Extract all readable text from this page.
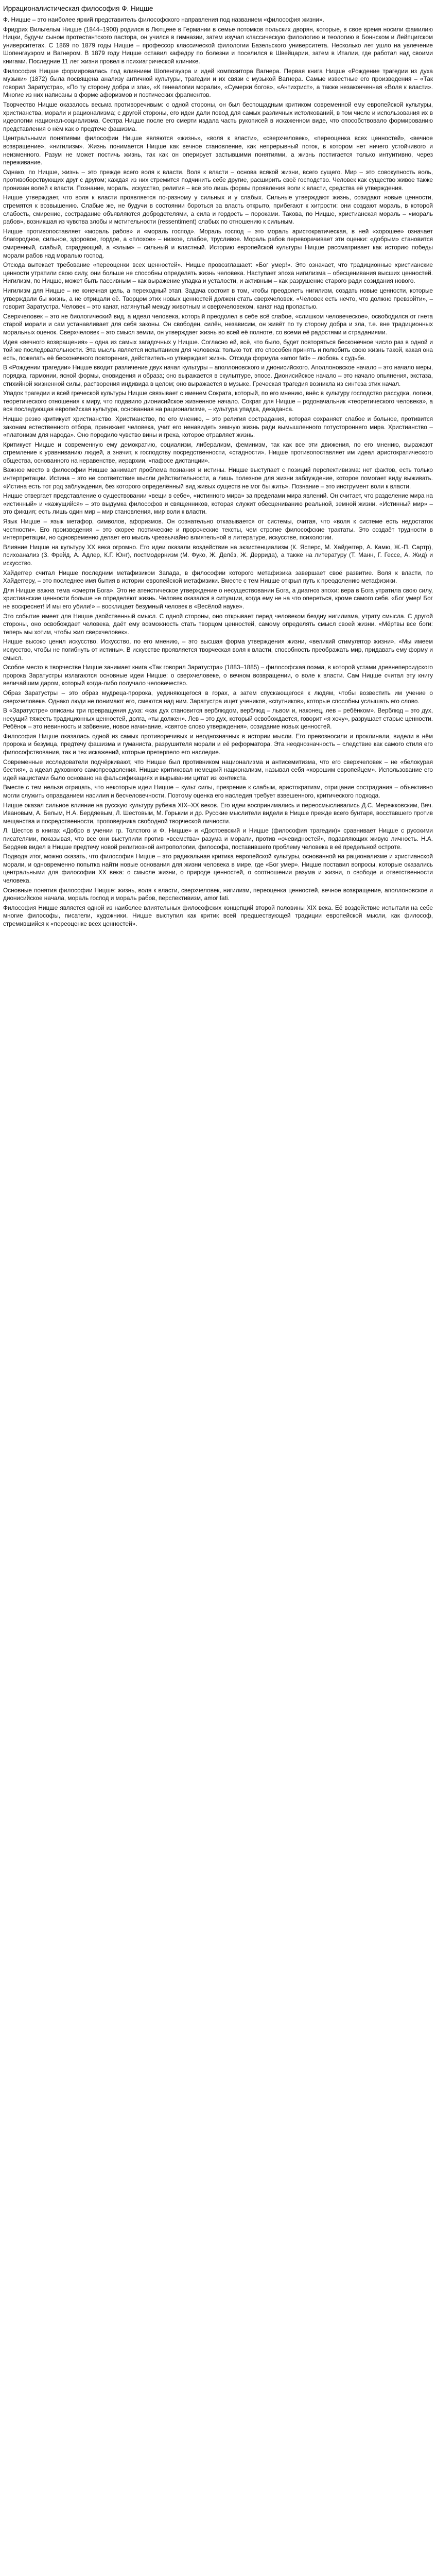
Иррационалистическая философия Ф. Ницше

Ф. Ницше – это наиболее яркий представитель философского направления под названием «философия жизни».

Фридрих Вильгельм Ницше (1844–1900) родился в Лютцене в Германии в семье потомков польских дворян, которые, в свое время носили фамилию Ницки, будучи сыном протестантского пастора, он учился в гимназии, затем изучал классическую филологию и теологию в Боннском и Лейпцигском университетах. С 1869 по 1879 годы Ницше – профессор классической филологии Базельского университета. Несколько лет ушло на увлечение Шопенгауэром и Вагнером. В 1879 году Ницше оставил кафедру по болезни и поселился в Швейцарии, затем в Италии, где работал над своими книгами. Последние 11 лет жизни провел в психиатрической клинике.

Философия Ницше формировалась под влиянием Шопенгауэра и идей композитора Вагнера. Первая книга Ницше «Рождение трагедии из духа музыки» (1872) была посвящена анализу античной культуры, трагедии и их связи с музыкой Вагнера. Самые известные его произведения – «Так говорил Заратустра», «По ту сторону добра и зла», «К генеалогии морали», «Сумерки богов», «Антихрист», а также незаконченная «Воля к власти». Многие из них написаны в форме афоризмов и поэтических фрагментов.

Творчество Ницше оказалось весьма противоречивым: с одной стороны, он был беспощадным критиком современной ему европейской культуры, христианства, морали и рационализма; с другой стороны, его идеи дали повод для самых различных истолкований, в том числе и использования их в идеологии национал-социализма. Сестра Ницше после его смерти издала часть рукописей в искаженном виде, что способствовало формированию представления о нём как о предтече фашизма.

Центральными понятиями философии Ницше являются «жизнь», «воля к власти», «сверхчеловек», «переоценка всех ценностей», «вечное возвращение», «нигилизм». Жизнь понимается Ницше как вечное становление, как непрерывный поток, в котором нет ничего устойчивого и неизменного. Разум не может постичь жизнь, так как он оперирует застывшими понятиями, а жизнь постигается только интуитивно, через переживание.

Однако, по Ницше, жизнь – это прежде всего воля к власти. Воля к власти – основа всякой жизни, всего сущего. Мир – это совокупность воль, противоборствующих друг с другом; каждая из них стремится подчинить себе другие, расширить своё господство. Человек как существо живое также пронизан волей к власти. Познание, мораль, искусство, религия – всё это лишь формы проявления воли к власти, средства её утверждения.

Ницше утверждает, что воля к власти проявляется по-разному у сильных и у слабых. Сильные утверждают жизнь, созидают новые ценности, стремятся к возвышению. Слабые же, не будучи в состоянии бороться за власть открыто, прибегают к хитрости: они создают мораль, в которой слабость, смирение, сострадание объявляются добродетелями, а сила и гордость – пороками. Такова, по Ницше, христианская мораль – «мораль рабов», возникшая из чувства злобы и мстительности (ressentiment) слабых по отношению к сильным.

Ницше противопоставляет «мораль рабов» и «мораль господ». Мораль господ – это мораль аристократическая, в ней «хорошее» означает благородное, сильное, здоровое, гордое, а «плохое» – низкое, слабое, трусливое. Мораль рабов переворачивает эти оценки: «добрым» становится смиренный, слабый, страдающий, а «злым» – сильный и властный. Историю европейской культуры Ницше рассматривает как историю победы морали рабов над моралью господ.

Отсюда вытекает требование «переоценки всех ценностей». Ницше провозглашает: «Бог умер!». Это означает, что традиционные христианские ценности утратили свою силу, они больше не способны определять жизнь человека. Наступает эпоха нигилизма – обесценивания высших ценностей. Нигилизм, по Ницше, может быть пассивным – как выражение упадка и усталости, и активным – как разрушение старого ради созидания нового.

Нигилизм для Ницше – не конечная цель, а переходный этап. Задача состоит в том, чтобы преодолеть нигилизм, создать новые ценности, которые утверждали бы жизнь, а не отрицали её. Творцом этих новых ценностей должен стать сверхчеловек. «Человек есть нечто, что должно превзойти», – говорит Заратустра. Человек – это канат, натянутый между животным и сверхчеловеком, канат над пропастью.

Сверхчеловек – это не биологический вид, а идеал человека, который преодолел в себе всё слабое, «слишком человеческое», освободился от гнета старой морали и сам устанавливает для себя законы. Он свободен, силён, независим, он живёт по ту сторону добра и зла, т.е. вне традиционных моральных оценок. Сверхчеловек – это смысл земли, он утверждает жизнь во всей её полноте, со всеми её радостями и страданиями.

Идея «вечного возвращения» – одна из самых загадочных у Ницше. Согласно ей, всё, что было, будет повторяться бесконечное число раз в одной и той же последовательности. Эта мысль является испытанием для человека: только тот, кто способен принять и полюбить свою жизнь такой, какая она есть, пожелать её бесконечного повторения, действительно утверждает жизнь. Отсюда формула «amor fati» – любовь к судьбе.

В «Рождении трагедии» Ницше вводит различение двух начал культуры – аполлоновского и дионисийского. Аполлоновское начало – это начало меры, порядка, гармонии, ясной формы, сновидения и образа; оно выражается в скульптуре, эпосе. Дионисийское начало – это начало опьянения, экстаза, стихийной жизненной силы, растворения индивида в целом; оно выражается в музыке. Греческая трагедия возникла из синтеза этих начал.

Упадок трагедии и всей греческой культуры Ницше связывает с именем Сократа, который, по его мнению, внёс в культуру господство рассудка, логики, теоретического отношения к миру, что подавило дионисийское жизненное начало. Сократ для Ницше – родоначальник «теоретического человека», а вся последующая европейская культура, основанная на рационализме, – культура упадка, декаданса.

Ницше резко критикует христианство. Христианство, по его мнению, – это религия сострадания, которая сохраняет слабое и больное, противится законам естественного отбора, принижает человека, учит его ненавидеть земную жизнь ради вымышленного потустороннего мира. Христианство – «платонизм для народа». Оно породило чувство вины и греха, которое отравляет жизнь.

Критикует Ницше и современную ему демократию, социализм, либерализм, феминизм, так как все эти движения, по его мнению, выражают стремление к уравниванию людей, а значит, к господству посредственности, «стадности». Ницше противопоставляет им идеал аристократического общества, основанного на неравенстве, иерархии, «пафосе дистанции».

Важное место в философии Ницше занимает проблема познания и истины. Ницше выступает с позиций перспективизма: нет фактов, есть только интерпретации. Истина – это не соответствие мысли действительности, а лишь полезное для жизни заблуждение, которое помогает виду выживать. «Истина есть тот род заблуждения, без которого определённый вид живых существ не мог бы жить». Познание – это инструмент воли к власти.

Ницше отвергает представление о существовании «вещи в себе», «истинного мира» за пределами мира явлений. Он считает, что разделение мира на «истинный» и «кажущийся» – это выдумка философов и священников, которая служит обесцениванию реальной, земной жизни. «Истинный мир» – это фикция; есть лишь один мир – мир становления, мир воли к власти.

Язык Ницше – язык метафор, символов, афоризмов. Он сознательно отказывается от системы, считая, что «воля к системе есть недостаток честности». Его произведения – это скорее поэтические и пророческие тексты, чем строгие философские трактаты. Это создаёт трудности в интерпретации, но одновременно делает его мысль чрезвычайно влиятельной в литературе, искусстве, психологии.

Влияние Ницше на культуру XX века огромно. Его идеи оказали воздействие на экзистенциализм (К. Ясперс, М. Хайдеггер, А. Камю, Ж.-П. Сартр), психоанализ (З. Фрейд, А. Адлер, К.Г. Юнг), постмодернизм (М. Фуко, Ж. Делёз, Ж. Деррида), а также на литературу (Т. Манн, Г. Гессе, А. Жид) и искусство.

Хайдеггер считал Ницше последним метафизиком Запада, в философии которого метафизика завершает своё развитие. Воля к власти, по Хайдеггеру, – это последнее имя бытия в истории европейской метафизики. Вместе с тем Ницше открыл путь к преодолению метафизики.

Для Ницше важна тема «смерти Бога». Это не атеистическое утверждение о несуществовании Бога, а диагноз эпохи: вера в Бога утратила свою силу, христианские ценности больше не определяют жизнь. Человек оказался в ситуации, когда ему не на что опереться, кроме самого себя. «Бог умер! Бог не воскреснет! И мы его убили!» – восклицает безумный человек в «Весёлой науке».

Это событие имеет для Ницше двойственный смысл. С одной стороны, оно открывает перед человеком бездну нигилизма, утрату смысла. С другой стороны, оно освобождает человека, даёт ему возможность стать творцом ценностей, самому определять смысл своей жизни. «Мёртвы все боги: теперь мы хотим, чтобы жил сверхчеловек».

Ницше высоко ценил искусство. Искусство, по его мнению, – это высшая форма утверждения жизни, «великий стимулятор жизни». «Мы имеем искусство, чтобы не погибнуть от истины». В искусстве проявляется творческая воля к власти, способность преображать мир, придавать ему форму и смысл.

Особое место в творчестве Ницше занимает книга «Так говорил Заратустра» (1883–1885) – философская поэма, в которой устами древнеперсидского пророка Заратустры излагаются основные идеи Ницше: о сверхчеловеке, о вечном возвращении, о воле к власти. Сам Ницше считал эту книгу величайшим даром, который когда-либо получало человечество.

Образ Заратустры – это образ мудреца-пророка, уединяющегося в горах, а затем спускающегося к людям, чтобы возвестить им учение о сверхчеловеке. Однако люди не понимают его, смеются над ним. Заратустра ищет учеников, «спутников», которые способны услышать его слово.

В «Заратустре» описаны три превращения духа: «как дух становится верблюдом, верблюд – львом и, наконец, лев – ребёнком». Верблюд – это дух, несущий тяжесть традиционных ценностей, долга, «ты должен». Лев – это дух, который освобождается, говорит «я хочу», разрушает старые ценности. Ребёнок – это невинность и забвение, новое начинание, «святое слово утверждения», созидание новых ценностей.

Философия Ницше оказалась одной из самых противоречивых и неоднозначных в истории мысли. Его превозносили и проклинали, видели в нём пророка и безумца, предтечу фашизма и гуманиста, разрушителя морали и её реформатора. Эта неоднозначность – следствие как самого стиля его философствования, так и тех искажений, которые претерпело его наследие.

Современные исследователи подчёркивают, что Ницше был противником национализма и антисемитизма, что его сверхчеловек – не «белокурая бестия», а идеал духовного самопреодоления. Ницше критиковал немецкий национализм, называл себя «хорошим европейцем». Использование его идей нацистами было основано на фальсификациях и вырывании цитат из контекста.

Вместе с тем нельзя отрицать, что некоторые идеи Ницше – культ силы, презрение к слабым, аристократизм, отрицание сострадания – объективно могли служить оправданием насилия и бесчеловечности. Поэтому оценка его наследия требует взвешенного, критического подхода.

Ницше оказал сильное влияние на русскую культуру рубежа XIX–XX веков. Его идеи воспринимались и переосмысливались Д.С. Мережковским, Вяч. Ивановым, А. Белым, Н.А. Бердяевым, Л. Шестовым, М. Горьким и др. Русские мыслители видели в Ницше прежде всего бунтаря, восставшего против мещанства и посредственности, проповедника свободной творческой личности.

Л. Шестов в книгах «Добро в учении гр. Толстого и Ф. Ницше» и «Достоевский и Ницше (философия трагедии)» сравнивает Ницше с русскими писателями, показывая, что все они выступили против «всемства» разума и морали, против «очевидностей», подавляющих живую личность. Н.А. Бердяев видел в Ницше предтечу новой религиозной антропологии, философа, поставившего проблему человека в её предельной остроте.

Подводя итог, можно сказать, что философия Ницше – это радикальная критика европейской культуры, основанной на рационализме и христианской морали, и одновременно попытка найти новые основания для жизни человека в мире, где «Бог умер». Ницше поставил вопросы, которые оказались центральными для философии XX века: о смысле жизни, о природе ценностей, о соотношении разума и жизни, о свободе и ответственности человека.

Основные понятия философии Ницше: жизнь, воля к власти, сверхчеловек, нигилизм, переоценка ценностей, вечное возвращение, аполлоновское и дионисийское начала, мораль господ и мораль рабов, перспективизм, amor fati.

Философия Ницше является одной из наиболее влиятельных философских концепций второй половины XIX века. Её воздействие испытали на себе многие философы, писатели, художники. Ницше выступил как критик всей предшествующей традиции европейской мысли, как философ, стремившийся к «переоценке всех ценностей».
